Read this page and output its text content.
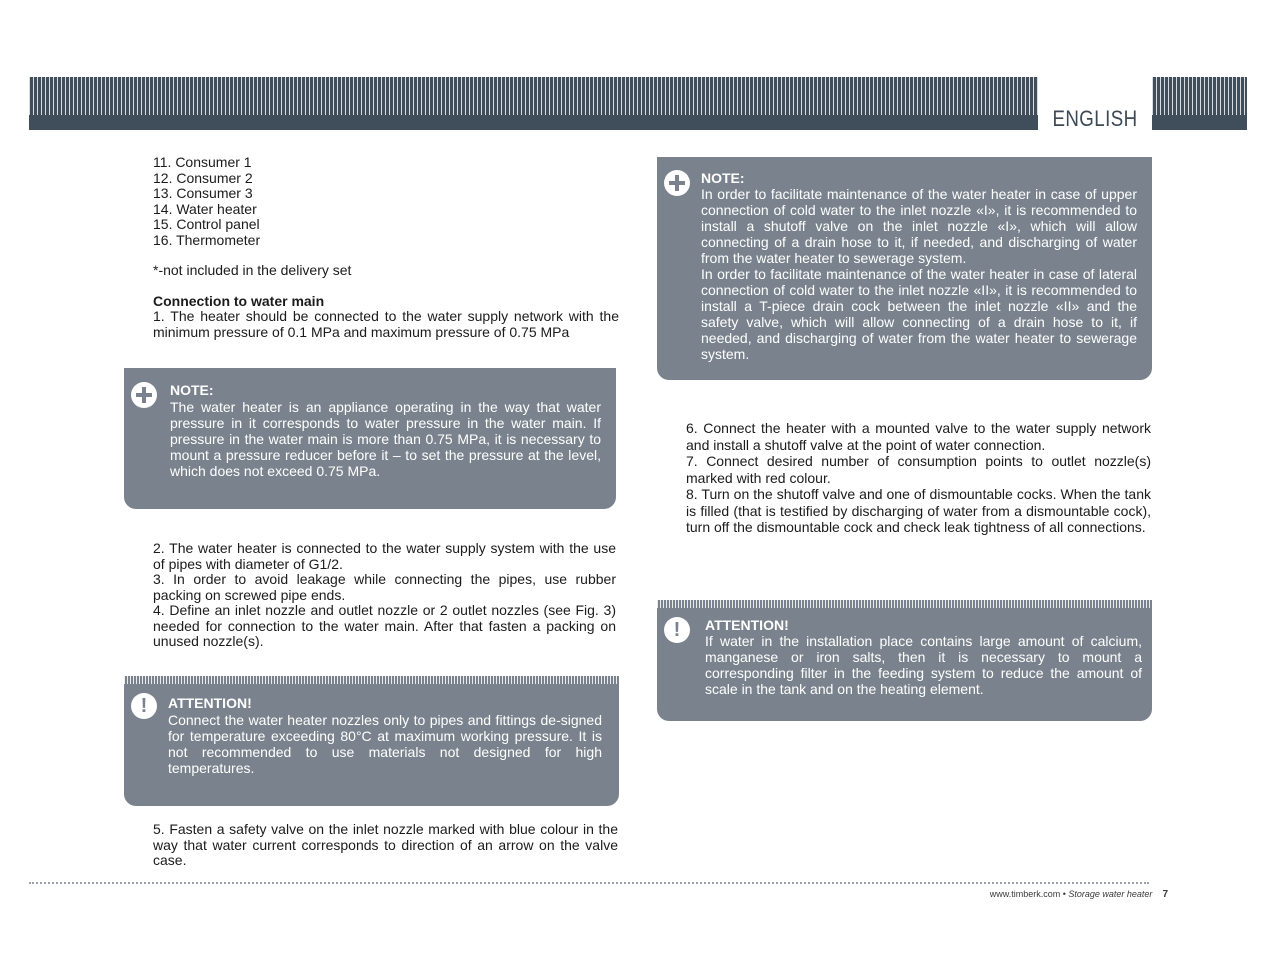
ENGLISH

11. Consumer 1

12. Consumer 2

13. Consumer 3

14. Water heater

15. Control panel

16. Thermometer

*-not included in the delivery set
Connection to water main
1. The heater should be connected to the water supply network with the minimum pressure of 0.1 MPa and maximum pressure of 0.75 MPa
NOTE:
The water heater is an appliance operating in the way that water pressure in it corresponds to water pressure in the water main. If pressure in the water main is more than 0.75 MPa, it is necessary to mount a pressure reducer before it – to set the pressure at the level, which does not exceed 0.75 MPa.

2. The water heater is connected to the water supply system with the use of pipes with diameter of G1/2.

3. In order to avoid leakage while connecting the pipes, use rubber packing on screwed pipe ends.

4. Define an inlet nozzle and outlet nozzle or 2 outlet nozzles (see Fig. 3) needed for connection to the water main. After that fasten a packing on unused nozzle(s).

!	ATTENTION!
Connect the water heater nozzles only to pipes and fittings de-signed for temperature exceeding 80°C at maximum working pressure. It is not recommended to use materials not designed for high temperatures.
5. Fasten a safety valve on the inlet nozzle marked with blue colour in the way that water current corresponds to direction of an arrow on the valve case.
NOTE:

In order to facilitate maintenance of the water heater in case of upper connection of cold water to the inlet nozzle «I», it is recommended to install a shutoff valve on the inlet nozzle «I», which will allow connecting of a drain hose to it, if needed, and discharging of water from the water heater to sewerage system.

In order to facilitate maintenance of the water heater in case of lateral connection of cold water to the inlet nozzle «II», it is recommended to install a T-piece drain cock between the inlet nozzle «II» and the safety valve, which will allow connecting of a drain hose to it, if needed, and discharging of water from the water heater to sewerage system.

6. Connect the heater with a mounted valve to the water supply network and install a shutoff valve at the point of water connection.

7. Connect desired number of consumption points to outlet nozzle(s) marked with red colour.

8. Turn on the shutoff valve and one of dismountable cocks. When the tank is filled (that is testified by discharging of water from a dismountable cock), turn off the dismountable cock and check leak tightness of all connections.

!	ATTENTION!
If water in the installation place contains large amount of calcium, manganese or iron salts, then it is necessary to mount a corresponding filter in the feeding system to reduce the amount of scale in the tank and on the heating element.
www.timberk.com • Storage water heater 7
